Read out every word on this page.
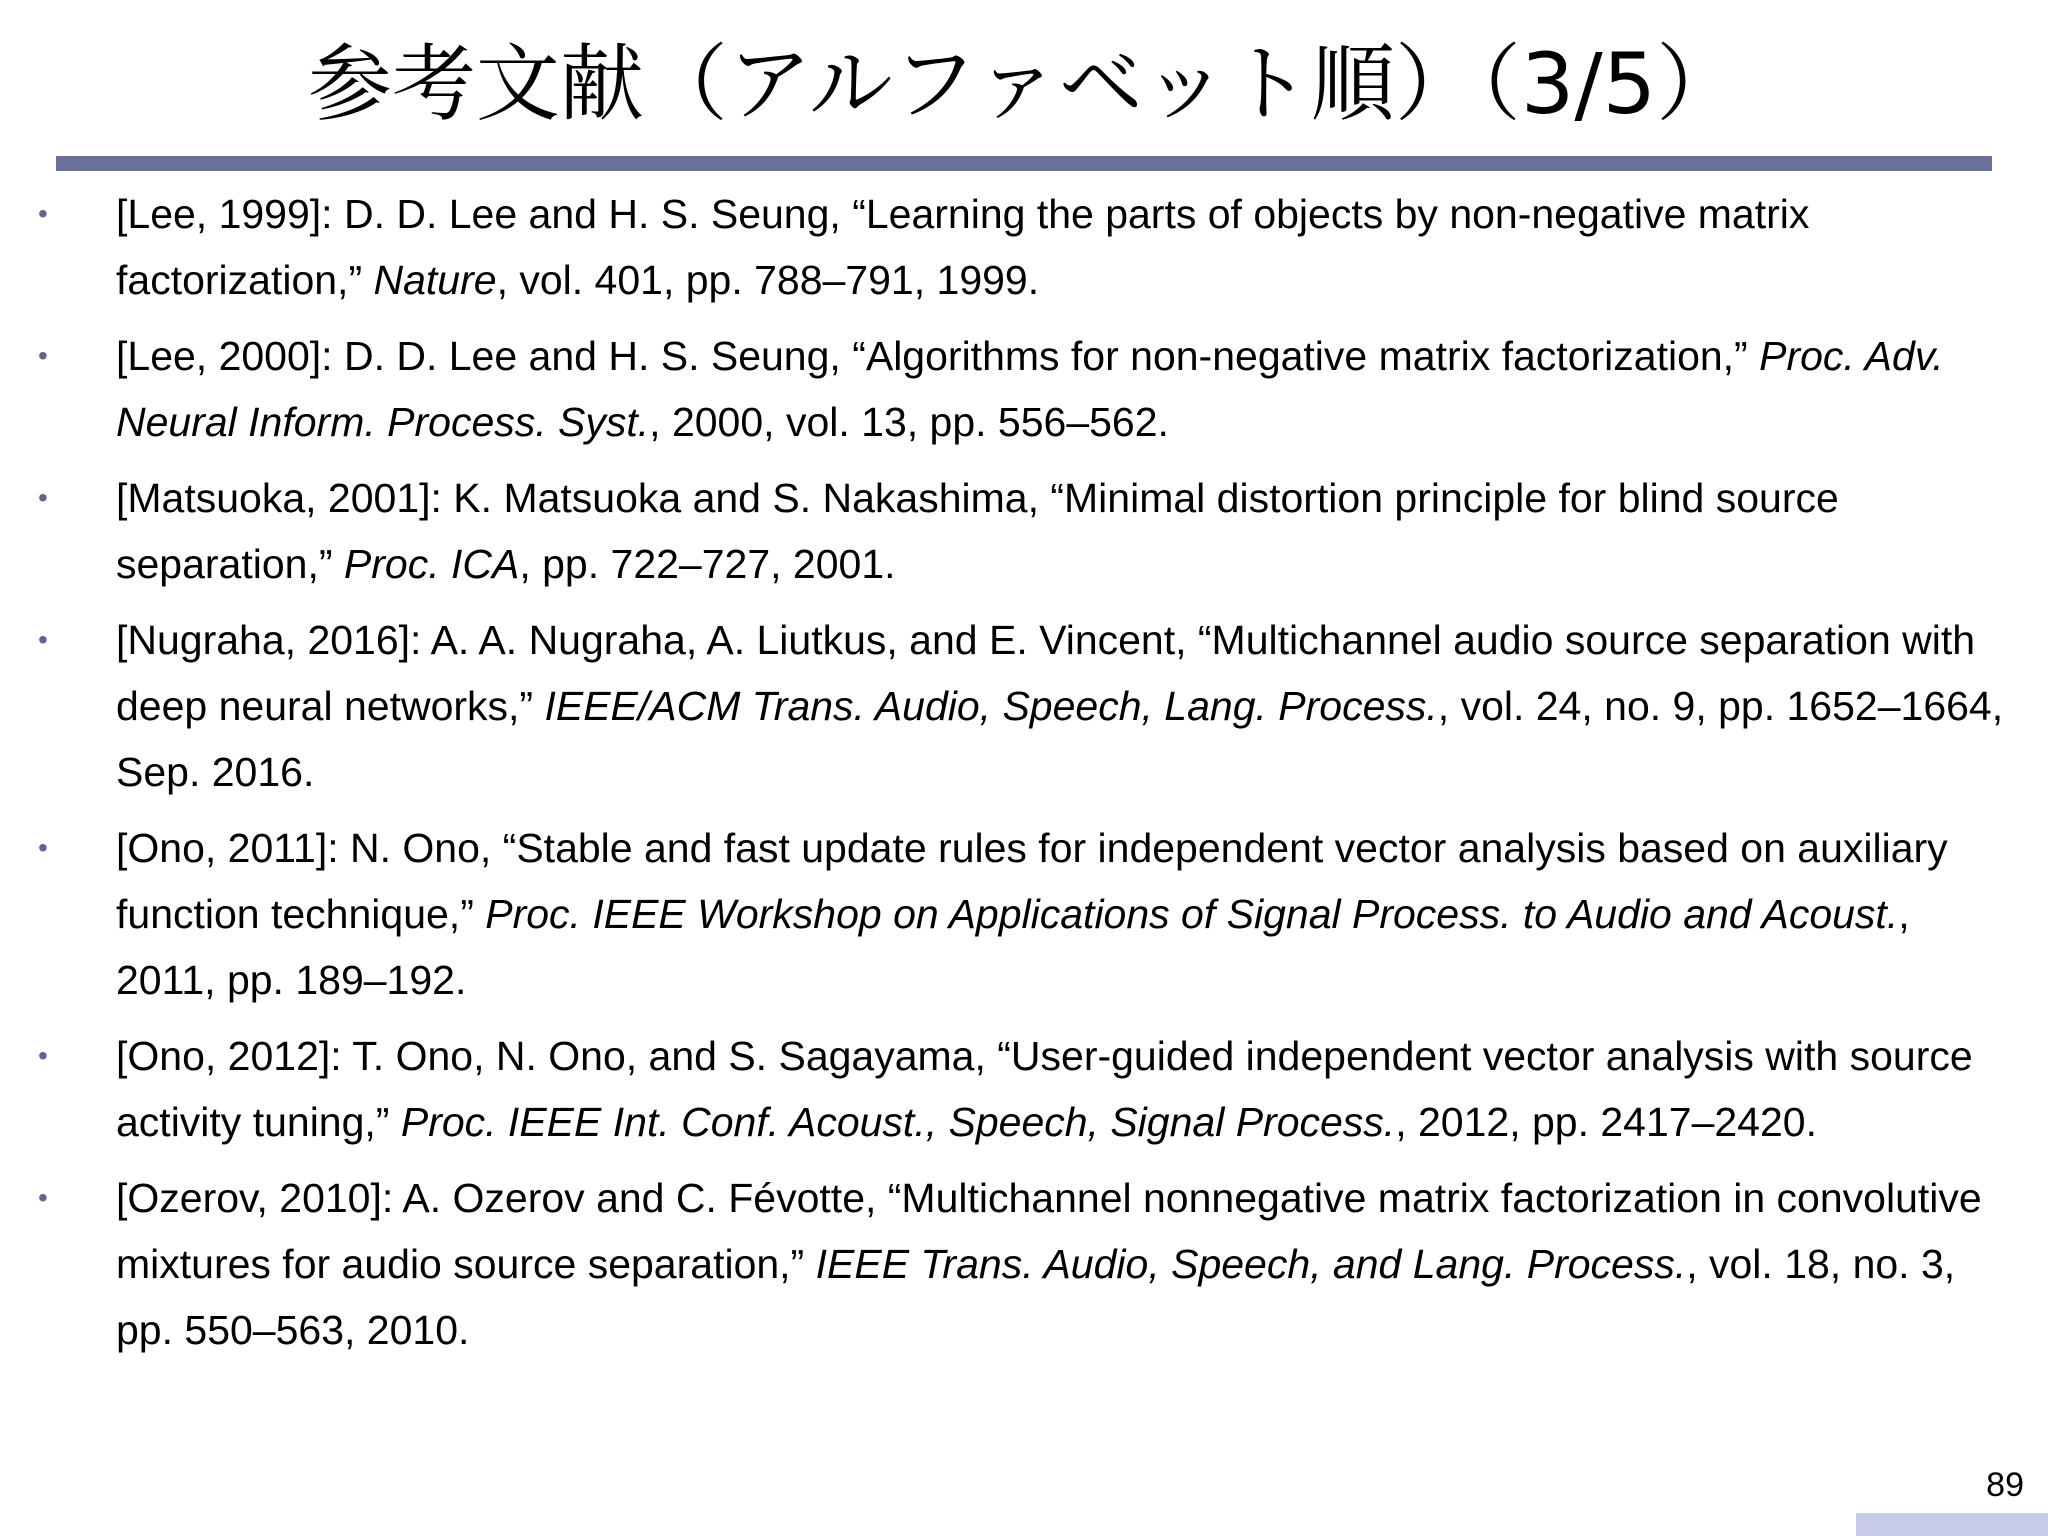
参考文献（アルファベット順）（3/5）
• [Lee, 1999]: D. D. Lee and H. S. Seung, “Learning the parts of objects by non-negative matrix factorization,” Nature, vol. 401, pp. 788–791, 1999.
• [Lee, 2000]: D. D. Lee and H. S. Seung, “Algorithms for non-negative matrix factorization,” Proc. Adv. Neural Inform. Process. Syst., 2000, vol. 13, pp. 556–562.
• [Matsuoka, 2001]: K. Matsuoka and S. Nakashima, “Minimal distortion principle for blind source separation,” Proc. ICA, pp. 722–727, 2001.
• [Nugraha, 2016]: A. A. Nugraha, A. Liutkus, and E. Vincent, “Multichannel audio source separation with deep neural networks,” IEEE/ACM Trans. Audio, Speech, Lang. Process., vol. 24, no. 9, pp. 1652–1664, Sep. 2016.
• [Ono, 2011]: N. Ono, “Stable and fast update rules for independent vector analysis based on auxiliary function technique,” Proc. IEEE Workshop on Applications of Signal Process. to Audio and Acoust., 2011, pp. 189–192.
• [Ono, 2012]: T. Ono, N. Ono, and S. Sagayama, “User-guided independent vector analysis with source activity tuning,” Proc. IEEE Int. Conf. Acoust., Speech, Signal Process., 2012, pp. 2417–2420.
• [Ozerov, 2010]: A. Ozerov and C. Févotte, “Multichannel nonnegative matrix factorization in convolutive mixtures for audio source separation,” IEEE Trans. Audio, Speech, and Lang. Process., vol. 18, no. 3, pp. 550–563, 2010.
89
